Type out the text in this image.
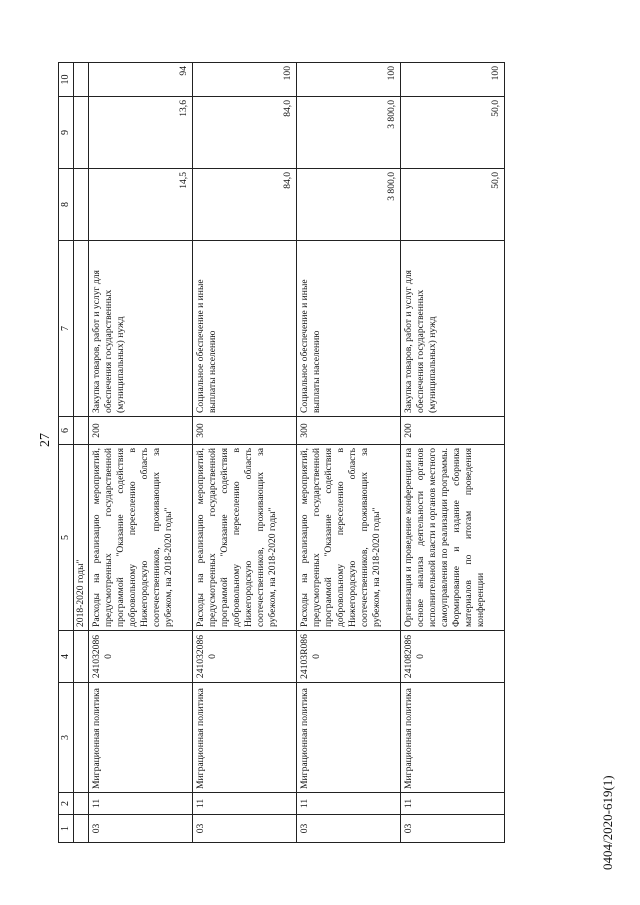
27
0404/2020-619(1)
1	2	3	4	5	6	7	8	9	10
				2018-2020 годы"					
03	11	Миграционная политика	2410320860	Расходы на реализацию мероприятий, предусмотренных государственной программой "Оказание содействия добровольному переселению в Нижегородскую область соотечественников, проживающих за рубежом, на 2018-2020 годы"	200	Закупка товаров, работ и услуг для обеспечения государственных (муниципальных) нужд	14,5	13,6	94
03	11	Миграционная политика	2410320860	Расходы на реализацию мероприятий, предусмотренных государственной программой "Оказание содействия добровольному переселению в Нижегородскую область соотечественников, проживающих за рубежом, на 2018-2020 годы"	300	Социальное обеспечение и иные выплаты населению	84,0	84,0	100
03	11	Миграционная политика	24103R0860	Расходы на реализацию мероприятий, предусмотренных государственной программой "Оказание содействия добровольному переселению в Нижегородскую область соотечественников, проживающих за рубежом, на 2018-2020 годы"	300	Социальное обеспечение и иные выплаты населению	3 800,0	3 800,0	100
03	11	Миграционная политика	2410820860	Организация и проведение конференции на основе анализа деятельности органов исполнительной власти и органов местного самоуправления по реализации программы. Формирование и издание сборника материалов по итогам проведения конференции	200	Закупка товаров, работ и услуг для обеспечения государственных (муниципальных) нужд	50,0	50,0	100
